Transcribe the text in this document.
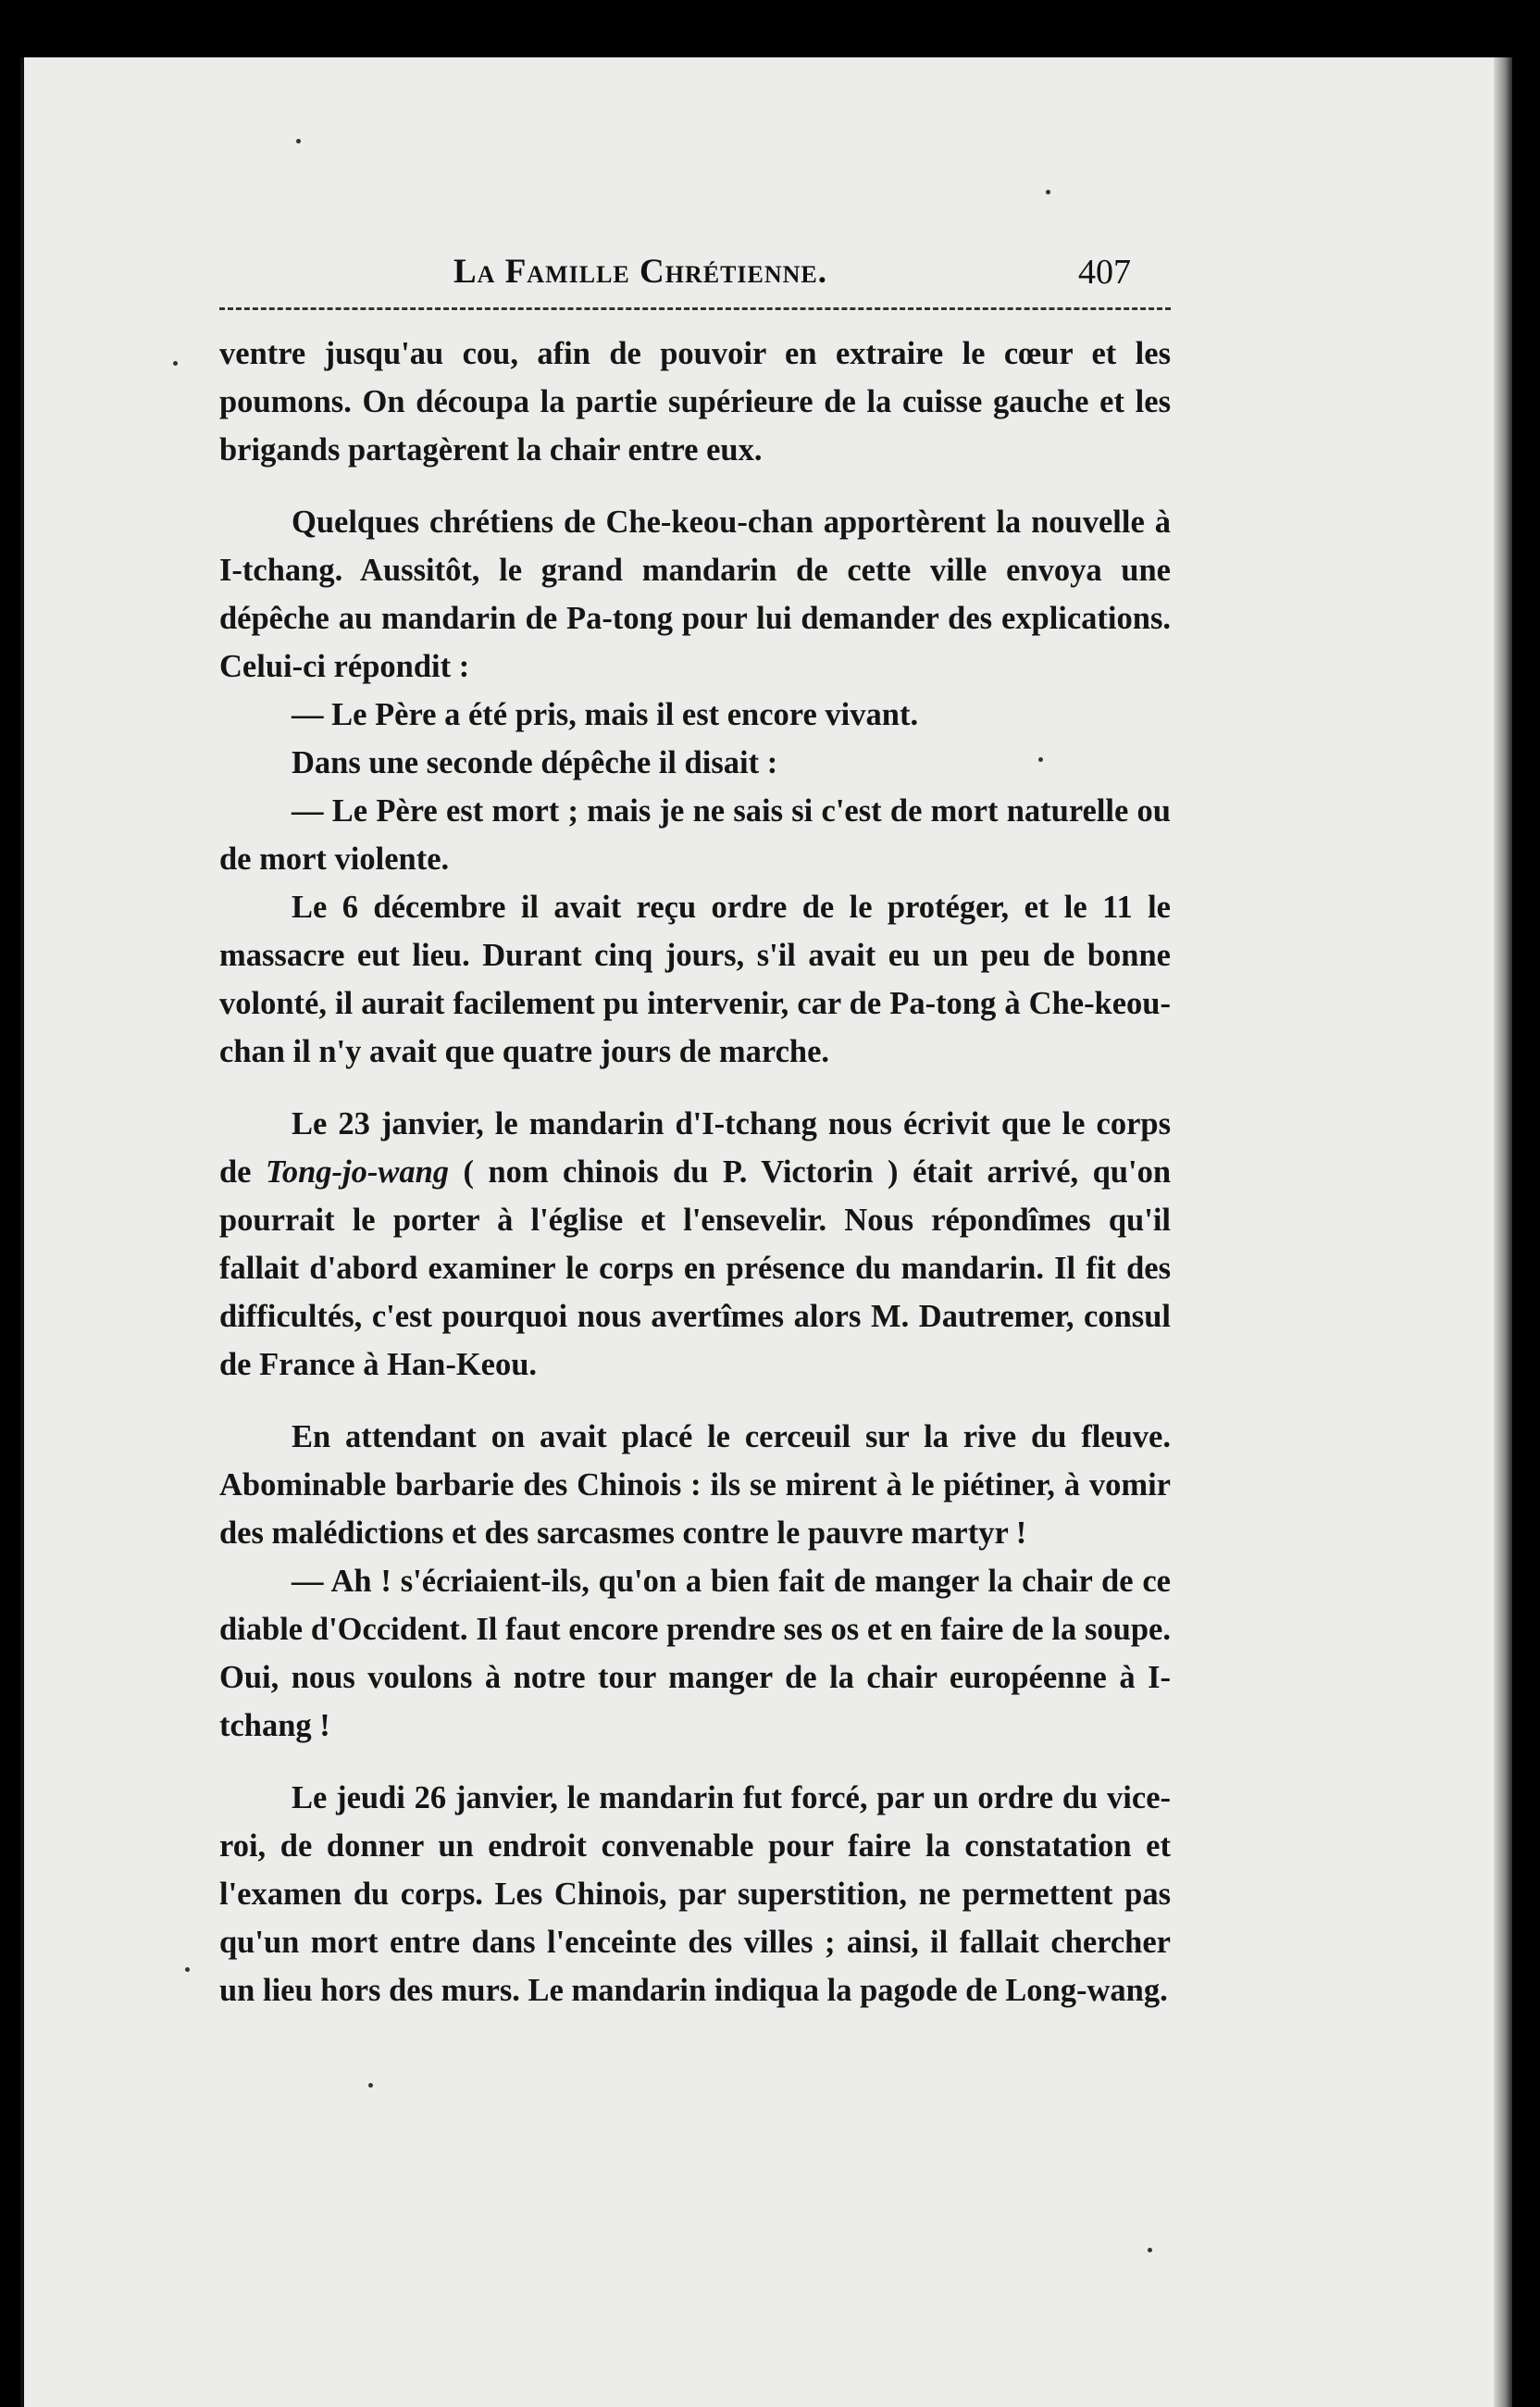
La Famille Chrétienne.	407

ventre jusqu'au cou, afin de pouvoir en extraire le cœur et les poumons. On découpa la partie supérieure de la cuisse gauche et les brigands partagèrent la chair entre eux.

Quelques chrétiens de Che-keou-chan apportèrent la nouvelle à I-tchang. Aussitôt, le grand mandarin de cette ville envoya une dépêche au mandarin de Pa-tong pour lui demander des explications. Celui-ci répondit :

— Le Père a été pris, mais il est encore vivant.

Dans une seconde dépêche il disait :

— Le Père est mort ; mais je ne sais si c'est de mort naturelle ou de mort violente.

Le 6 décembre il avait reçu ordre de le protéger, et le 11 le massacre eut lieu. Durant cinq jours, s'il avait eu un peu de bonne volonté, il aurait facilement pu intervenir, car de Pa-tong à Che-keou-chan il n'y avait que quatre jours de marche.

Le 23 janvier, le mandarin d'I-tchang nous écrivit que le corps de Tong-jo-wang ( nom chinois du P. Victorin ) était arrivé, qu'on pourrait le porter à l'église et l'ensevelir. Nous répondîmes qu'il fallait d'abord examiner le corps en présence du mandarin. Il fit des difficultés, c'est pourquoi nous avertîmes alors M. Dautremer, consul de France à Han-Keou.

En attendant on avait placé le cerceuil sur la rive du fleuve. Abominable barbarie des Chinois : ils se mirent à le piétiner, à vomir des malédictions et des sarcasmes contre le pauvre martyr !

— Ah ! s'écriaient-ils, qu'on a bien fait de manger la chair de ce diable d'Occident. Il faut encore prendre ses os et en faire de la soupe. Oui, nous voulons à notre tour manger de la chair européenne à I-tchang !

Le jeudi 26 janvier, le mandarin fut forcé, par un ordre du vice-roi, de donner un endroit convenable pour faire la constatation et l'examen du corps. Les Chinois, par superstition, ne permettent pas qu'un mort entre dans l'enceinte des villes ; ainsi, il fallait chercher un lieu hors des murs. Le mandarin indiqua la pagode de Long-wang.
